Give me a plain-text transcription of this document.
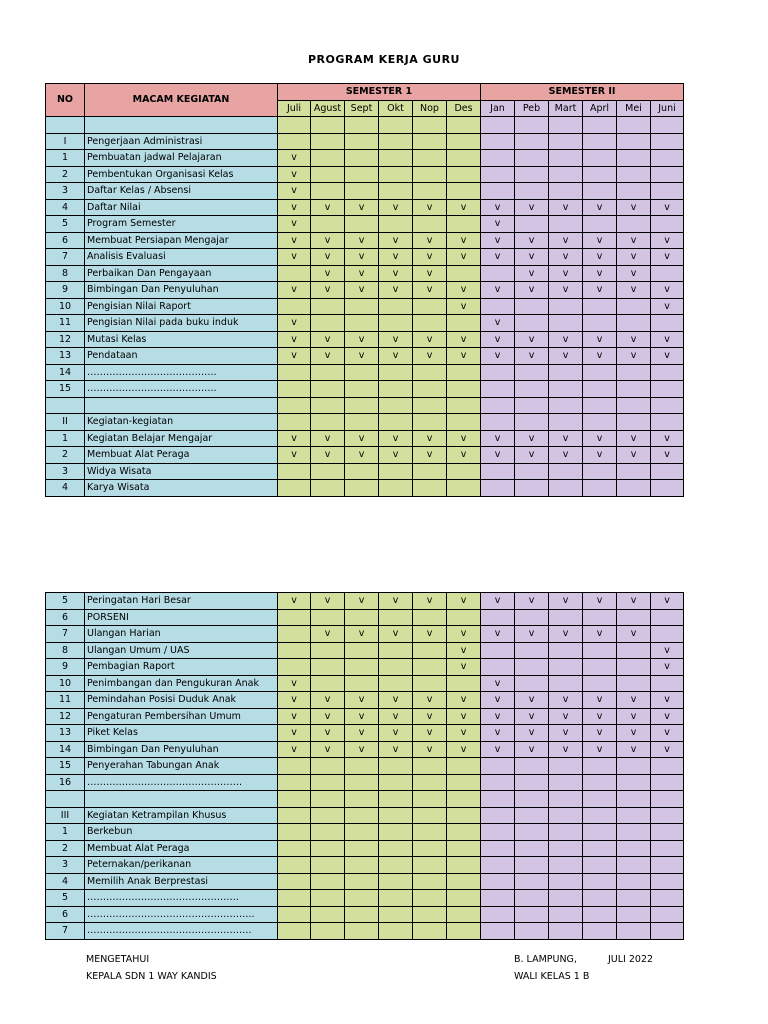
PROGRAM KERJA GURU
NO	MACAM KEGIATAN	SEMESTER 1						SEMESTER II					
		Juli	Agust	Sept	Okt	Nop	Des	Jan	Peb	Mart	Aprl	Mei	Juni

I	Pengerjaan Administrasi												
1	Pembuatan jadwal Pelajaran	v											
2	Pembentukan Organisasi Kelas	v											
3	Daftar Kelas / Absensi	v											
4	Daftar Nilai	v	v	v	v	v	v	v	v	v	v	v	v
5	Program Semester	v						v					
6	Membuat Persiapan Mengajar	v	v	v	v	v	v	v	v	v	v	v	v
7	Analisis Evaluasi	v	v	v	v	v	v	v	v	v	v	v	v
8	Perbaikan Dan Pengayaan		v	v	v	v			v	v	v	v	
9	Bimbingan Dan Penyuluhan	v	v	v	v	v	v	v	v	v	v	v	v
10	Pengisian Nilai Raport						v						v
11	Pengisian Nilai pada buku induk	v						v					
12	Mutasi Kelas	v	v	v	v	v	v	v	v	v	v	v	v
13	Pendataan	v	v	v	v	v	v	v	v	v	v	v	v
14	…………………………………..												
15	…………………………………..												

II	Kegiatan-kegiatan												
1	Kegiatan Belajar Mengajar	v	v	v	v	v	v	v	v	v	v	v	v
2	Membuat Alat Peraga	v	v	v	v	v	v	v	v	v	v	v	v
3	Widya Wisata												
4	Karya Wisata												
5	Peringatan Hari Besar	v	v	v	v	v	v	v	v	v	v	v	v
6	PORSENI												
7	Ulangan Harian		v	v	v	v	v	v	v	v	v	v	
8	Ulangan Umum / UAS						v						v
9	Pembagian Raport						v						v
10	Penimbangan dan Pengukuran Anak	v						v					
11	Pemindahan Posisi Duduk Anak	v	v	v	v	v	v	v	v	v	v	v	v
12	Pengaturan Pembersihan Umum	v	v	v	v	v	v	v	v	v	v	v	v
13	Piket Kelas	v	v	v	v	v	v	v	v	v	v	v	v
14	Bimbingan Dan Penyuluhan	v	v	v	v	v	v	v	v	v	v	v	v
15	Penyerahan Tabungan Anak												
16	………………………………………….												

III	Kegiatan Ketrampilan Khusus												
1	Berkebun												
2	Membuat Alat Peraga												
3	Peternakan/perikanan												
4	Memilih Anak Berprestasi												
5	…………………………………………												
6	……………………………………………..												
7	…………………………………………….												
MENGETAHUI
KEPALA SDN 1 WAY KANDIS
B. LAMPUNG,	JULI 2022
WALI KELAS 1 B
